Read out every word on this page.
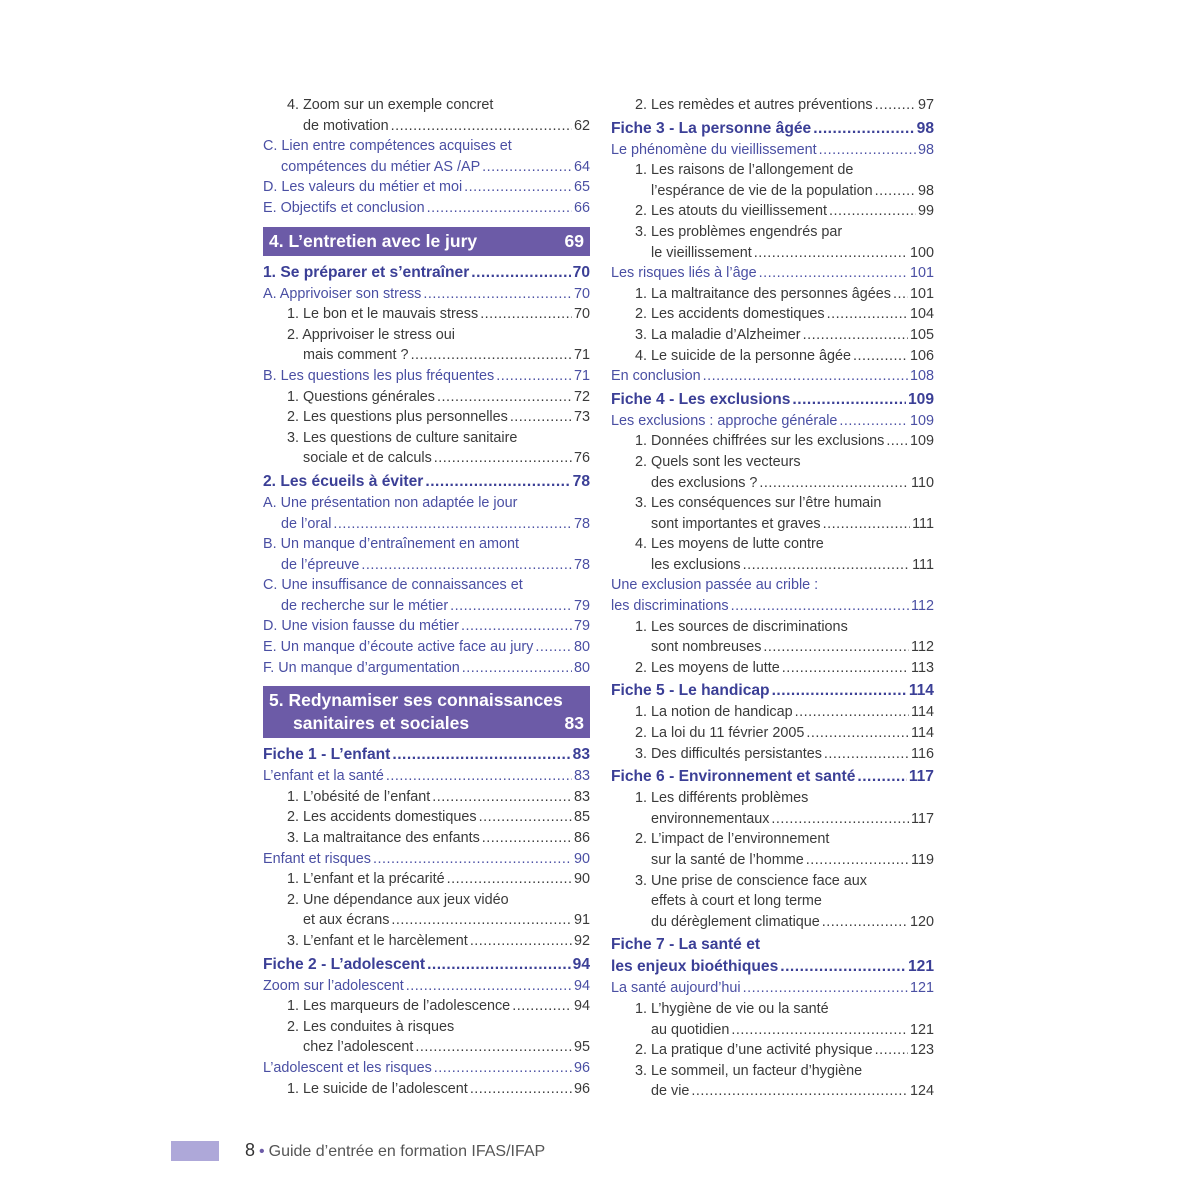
4. Zoom sur un exemple concret
de motivation .....	62
C. Lien entre compétences acquises et
compétences du métier AS /AP .....	64
D. Les valeurs du métier et moi .....	65
E. Objectifs et conclusion .....	66
4. L’entretien avec le jury	69
1. Se préparer et s’entraîner .....	70
A. Apprivoiser son stress .....	70
1. Le bon et le mauvais stress .....	70
2. Apprivoiser le stress oui
mais comment ? .....	71
B. Les questions les plus fréquentes .....	71
1. Questions générales .....	72
2. Les questions plus personnelles .....	73
3. Les questions de culture sanitaire
sociale et de calculs .....	76
2. Les écueils à éviter .....	78
A. Une présentation non adaptée le jour
de l’oral .....	78
B. Un manque d’entraînement en amont
de l’épreuve .....	78
C. Une insuffisance de connaissances et
de recherche sur le métier .....	79
D. Une vision fausse du métier .....	79
E. Un manque d’écoute active face au jury .....	80
F. Un manque d’argumentation .....	80
5. Redynamiser ses connaissances
sanitaires et sociales	83
Fiche 1 - L’enfant .....	83
L’enfant et la santé .....	83
1. L’obésité de l’enfant .....	83
2. Les accidents domestiques .....	85
3. La maltraitance des enfants .....	86
Enfant et risques .....	90
1. L’enfant et la précarité .....	90
2. Une dépendance aux jeux vidéo
et aux écrans .....	91
3. L’enfant et le harcèlement .....	92
Fiche 2 - L’adolescent .....	94
Zoom sur l’adolescent .....	94
1. Les marqueurs de l’adolescence .....	94
2. Les conduites à risques
chez l’adolescent .....	95
L’adolescent et les risques .....	96
1. Le suicide de l’adolescent .....	96
2. Les remèdes et autres préventions .....	97
Fiche 3 - La personne âgée .....	98
Le phénomène du vieillissement .....	98
1. Les raisons de l’allongement de
l’espérance de vie de la population .....	98
2. Les atouts du vieillissement .....	99
3. Les problèmes engendrés par
le vieillissement .....	100
Les risques liés à l’âge .....	101
1. La maltraitance des personnes âgées ..... 101
2. Les accidents domestiques .....	104
3. La maladie d’Alzheimer .....	105
4. Le suicide de la personne âgée .....	106
En conclusion .....	108
Fiche 4 - Les exclusions .....	109
Les exclusions : approche générale .....	109
1. Données chiffrées sur les exclusions ..... 109
2. Quels sont les vecteurs
des exclusions ? .....	110
3. Les conséquences sur l’être humain
sont importantes et graves .....	111
4. Les moyens de lutte contre
les exclusions .....	111
Une exclusion passée au crible :
les discriminations .....	112
1. Les sources de discriminations
sont nombreuses .....	112
2. Les moyens de lutte .....	113
Fiche 5 - Le handicap .....	114
1. La notion de handicap .....	114
2. La loi du 11 février 2005 .....	114
3. Des difficultés persistantes .....	116
Fiche 6 - Environnement et santé .....	117
1. Les différents problèmes
environnementaux .....	117
2. L’impact de l’environnement
sur la santé de l’homme .....	119
3. Une prise de conscience face aux
effets à court et long terme
du dérèglement climatique .....	120
Fiche 7 - La santé et
les enjeux bioéthiques .....	121
La santé aujourd’hui .....	121
1. L’hygiène de vie ou la santé
au quotidien .....	121
2. La pratique d’une activité physique .....	123
3. Le sommeil, un facteur d’hygiène
de vie .....	124
8 • Guide d’entrée en formation IFAS/IFAP
